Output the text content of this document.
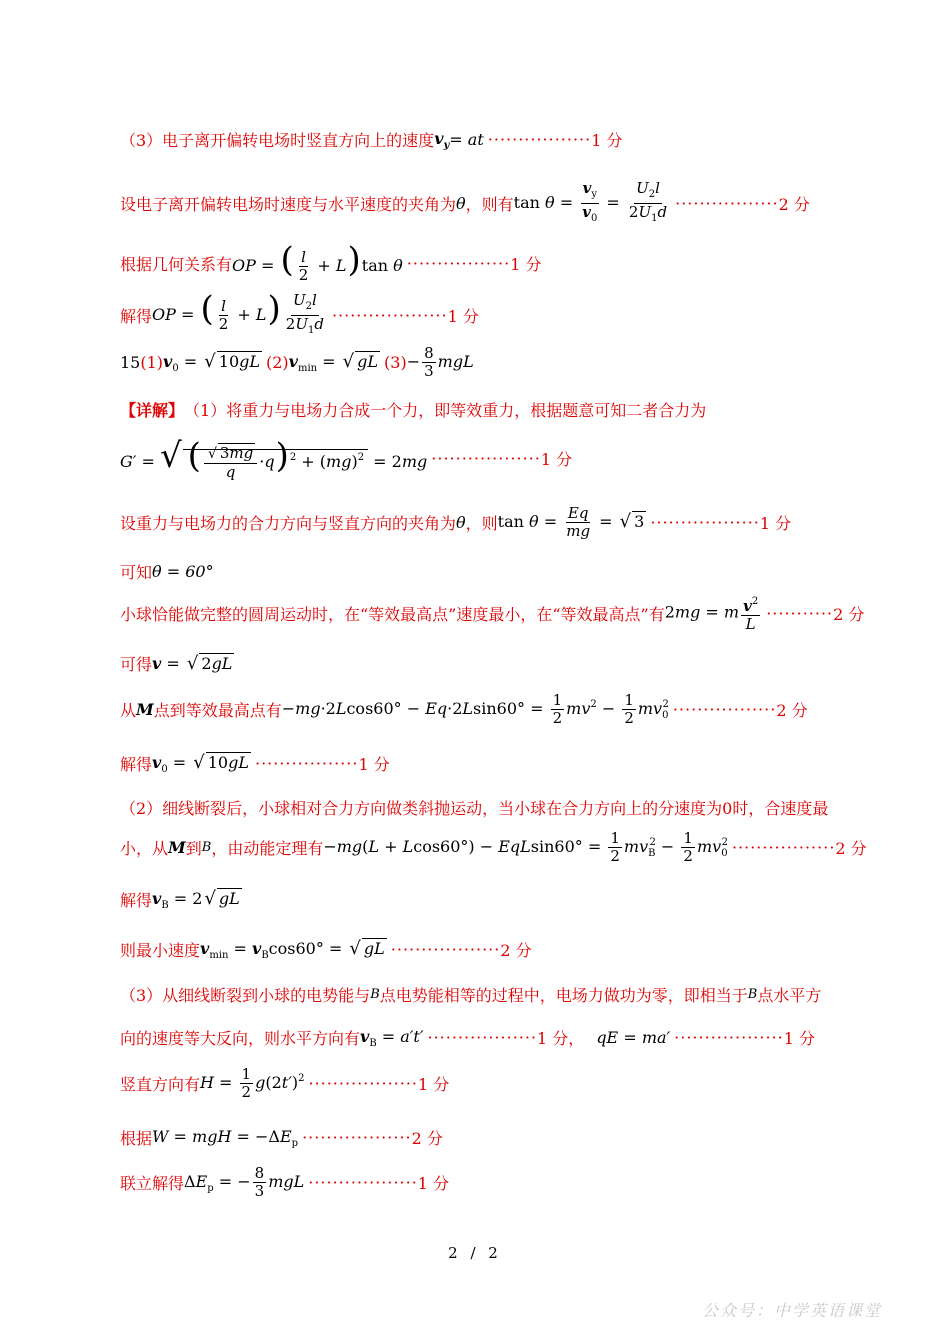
（3）电子离开偏转电场时竖直方向上的速度 $v_y$ = at ················· 1 分
设电子离开偏转电场时速度与水平速度的夹角为 θ ，则有 $\tan \theta = \frac{v_y}{v_0} = \frac{U_2l}{2U_1d}$ ················· 2 分
根据几何关系有 OP = ( $\frac{l}{2} + L)\tan$ θ ················· 1 分
解得 OP = ( $\frac{l}{2} + L) \frac{U_2l}{2U_1d}$ ··················· 1 分
15 (1) $v_0$ = √ 10gL (2) $v_{min}$ = √ gL $(3) - \frac{8}{3}$ mgL
【详解】 （1）将重力与电场力合成一个力，即等效重力，根据题意可知二者合力为
G′ = √ ( $\frac{√ 3mg}{q} \cdot q)^2 + (mg)^2 = 2mg$ ·················· 1 分
设重力与电场力的合力方向与竖直方向的夹角为 θ ，则 $\tan \theta = \frac{Eq}{mg}$ = √ 3 ·················· 1 分
可知 θ = 60°
小球恰能做完整的圆周运动时，在“等效最高点”速度最小，在“等效最高点”有 2mg = m $\frac{v^2}{L}$ ··········· 2 分
可得 v = √ 2gL
从 M 点到等效最高点有 $-mg\cdot 2Lcos60^\circ - Eq\cdot 2Lsin60^\circ = \frac{1}{2} mv^2 - \frac{1}{2} mv_0^2$ ················· 2 分
解得 $v_0$ = √ 10gL ················· 1 分
（2）细线断裂后，小球相对合力方向做类斜抛运动，当小球在合力方向上的分速度为0时，合速度最
小，从 M 到 B ，由动能定理有 $-mg(L + Lcos60^\circ) - EqLsin60^\circ = \frac{1}{2} mv_B^2 - \frac{1}{2} mv_0^2$ ················· 2 分
解得 $v_B = 2$ √ gL
则最小速度 $v_{min} = v_B\cos 60^\circ$ = √ gL ·················· 2 分
（3）从细线断裂到小球的电势能与 B 点电势能相等的过程中，电场力做功为零，即相当于 B 点水平方
向的速度等大反向，则水平方向有 $v_B = a't'$ ·················· 1 分， qE = ma′ ·················· 1 分
竖直方向有 $H = \frac{1}{2} g(2t')^2$ ·················· 1 分
根据 W = mgH = $-\Delta E_p$ ·················· 2 分
联立解得 $\Delta E_p$ = − $\frac{8}{3}$ mgL ·················· 1 分
2 / 2
公众号：中学英语课堂
